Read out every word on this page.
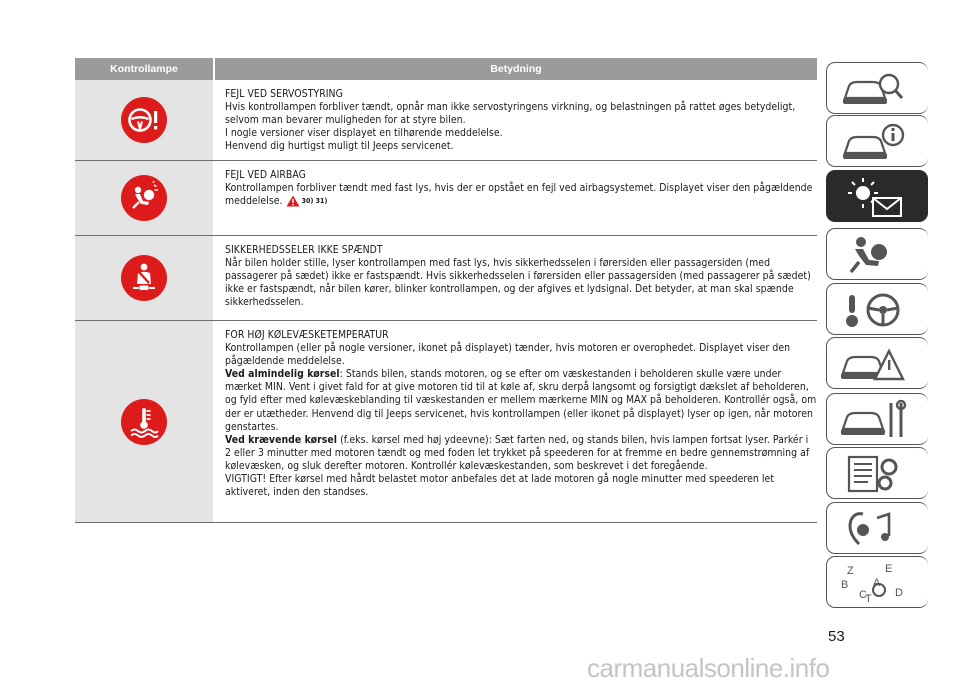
Kontrollampe	Betydning

FEJL VED SERVOSTYRING

Hvis kontrollampen forbliver tændt, opnår man ikke servostyringens virkning, og belastningen på rattet øges betydeligt, selvom man bevarer muligheden for at styre bilen.

I nogle versioner viser displayet en tilhørende meddelelse.

Henvend dig hurtigst muligt til Jeeps servicenet.

FEJL VED AIRBAG

Kontrollampen forbliver tændt med fast lys, hvis der er opstået en fejl ved airbagsystemet. Displayet viser den pågældende meddelelse.	30) 31)

SIKKERHEDSSELER IKKE SPÆNDT

Når bilen holder stille, lyser kontrollampen med fast lys, hvis sikkerhedsselen i førersiden eller passagersiden (med passagerer på sædet) ikke er fastspændt. Hvis sikkerhedsselen i førersiden eller passagersiden (med passagerer på sædet) ikke er fastspændt, når bilen kører, blinker kontrollampen, og der afgives et lydsignal. Det betyder, at man skal spænde sikkerhedsselen.

FOR HØJ KØLEVÆSKETEMPERATUR

Kontrollampen (eller på nogle versioner, ikonet på displayet) tænder, hvis motoren er overophedet. Displayet viser den pågældende meddelelse.

Ved almindelig kørsel: Stands bilen, stands motoren, og se efter om væskestanden i beholderen skulle være under mærket MIN. Vent i givet fald for at give motoren tid til at køle af, skru derpå langsomt og forsigtigt dækslet af beholderen, og fyld efter med kølevæskeblanding til væskestanden er mellem mærkerne MIN og MAX på beholderen. Kontrollér også, om der er utætheder. Henvend dig til Jeeps servicenet, hvis kontrollampen (eller ikonet på displayet) lyser op igen, når motoren genstartes.

Ved krævende kørsel (f.eks. kørsel med høj ydeevne): Sæt farten ned, og stands bilen, hvis lampen fortsat lyser. Parkér i 2 eller 3 minutter med motoren tændt og med foden let trykket på speederen for at fremme en bedre gennemstrømning af kølevæsken, og sluk derefter motoren. Kontrollér kølevæskestanden, som beskrevet i det foregående.

VIGTIGT! Efter kørsel med hårdt belastet motor anbefales det at lade motoren gå nogle minutter med speederen let aktiveret, inden den standses.

Z	E
B A
C	D
T
53
carmanualsonline.info
